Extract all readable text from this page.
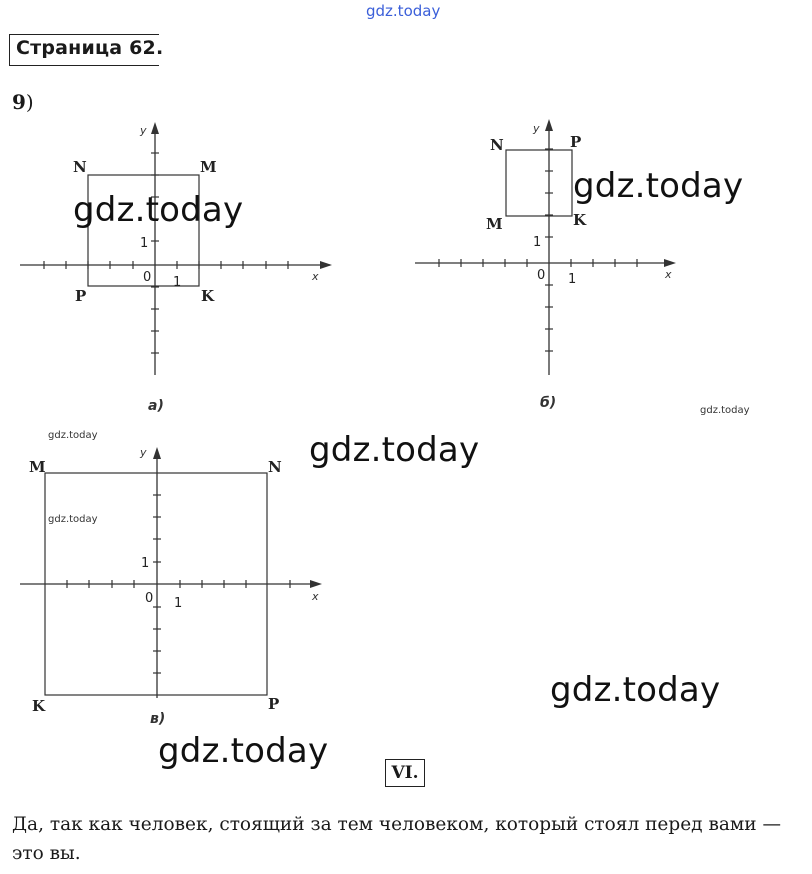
gdz.today
Страница 62.
9)
y
x
0 1
1
N	M
P	K
а)
y
x
0 1
1
N	P
M	K
б)
y
x
0 1
1
M	N
K	P
в)
gdz.today
gdz.today
gdz.today
gdz.today
gdz.today
gdz.today
gdz.today
gdz.today
VI.
Да, так как человек, стоящий за тем человеком, который стоял перед вами — это вы.
